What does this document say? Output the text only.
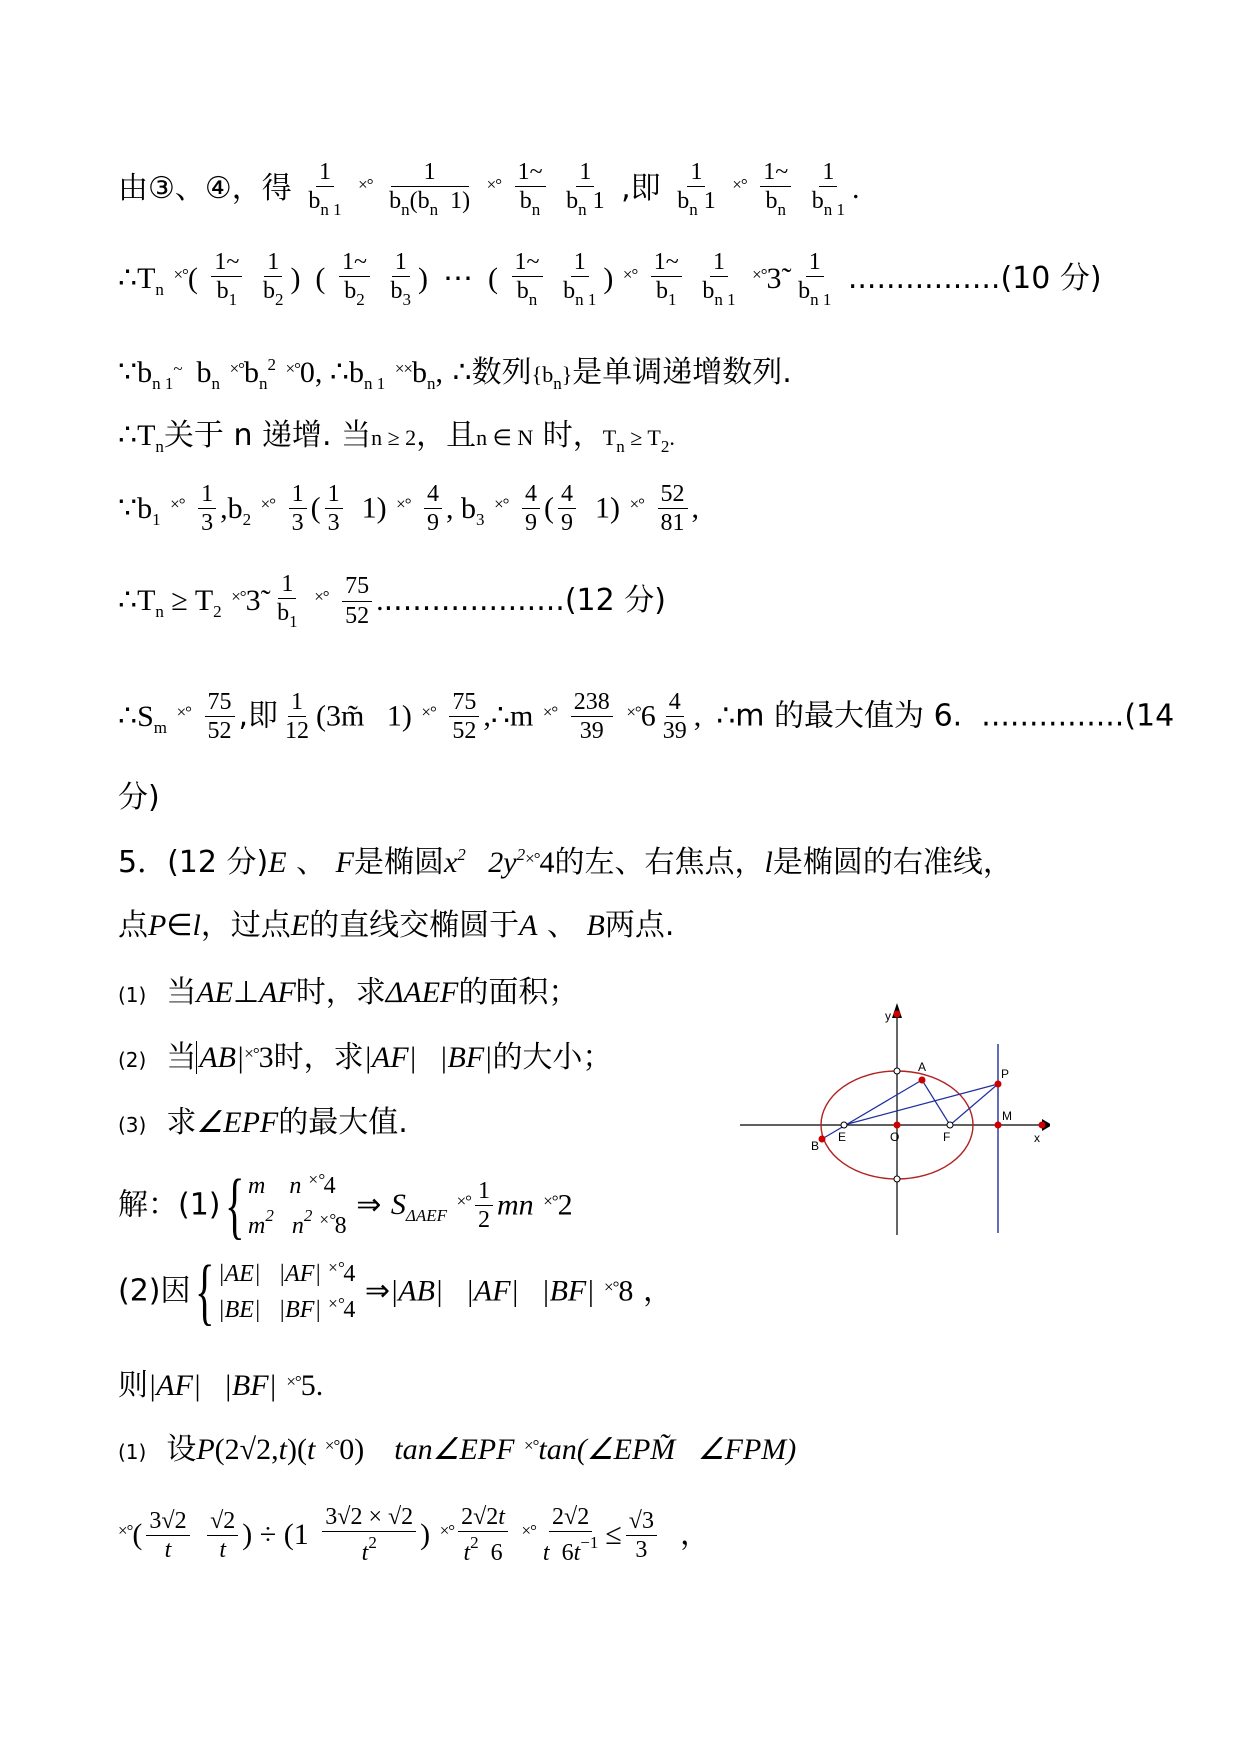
由③、④，得 $\frac{1}{b_{n 1}} ^{\times^\circ} \frac{1}{b_n(b_n 1)} ^{\times^\circ} \frac{1\sim}{b_n}$
$\frac{1}{b_n 1}$ ,即 $\frac{1}{b_n 1} ^{\times^\circ} \frac{1\sim}{b_n}$
$\frac{1}{b_{n 1}}$ .
$\therefore T_n$ $^{\times^\circ}( \frac{1\sim}{b_1}$
$\frac{1}{b_2}$ )  ( $\frac{1\sim}{b_2}$
$\frac{1}{b_3}$ )  ⋯  ( $\frac{1\sim}{b_n}$
$\frac{1}{b_{n 1}}$ ) $^{\times^\circ} \frac{1\sim}{b_1}$
$\frac{1}{b_{n 1}}$ ×°3̃ $\frac{1}{b_{n 1}} ................(10$ 分)
$\because b_{n 1}^\sim$  $b_n$ $^{\times^\circ}b_n^2$ ×°0, $\therefore b_{n 1}$ $^{\times\times}b_n$, ∴数列$\{b_n\}$是单调递增数列.
$\therefore T_n$关于 n 递增. 当n ≥ 2，且n ∈ N 时，$T_n \ge T_2$.
$\because b_1$ $^{\times^\circ} \frac{1}{3} ,b_2$ $^{\times^\circ} \frac{1}{3}$ ( $\frac{1}{3} 1$) $^{\times^\circ} \frac{4}{9}$ , $b_3$ $^{\times^\circ} \frac{4}{9}$ ( $\frac{4}{9} 1$) $^{\times^\circ} \frac{52}{81}$ ,
$\therefore T_n \ge T_2$ ×°3̃ $\frac{1}{b_1} ^{\times^\circ} \frac{75}{52} ....................(12$ 分)
$\therefore S_m$ $^{\times^\circ} \frac{75}{52}$ ,即 $\frac{1}{12}$ (3m̃   1) $^{\times^\circ} \frac{75}{52}$ ,∴m $^{\times^\circ} \frac{238}{39} ^{\times^\circ}6 \frac{4}{39}$ ,  ∴m 的最大值为 6. ...............(14
分)
5．(12 分)E 、 F是椭圆$x^2$   $2y^{2\times^\circ}4$的左、右焦点，l是椭圆的右准线，
点P∈l，过点E的直线交椭圆于A 、 B两点.
(1) 当AE⊥AF时，求ΔAEF的面积；
(2) 当 AB|×°3时，求|AF|   |BF|的大小；
(3) 求∠EPF的最大值.
解：(1){ m    n ×°4
$m^2$   $n^2$ ×°8
⇒ $S_{\Delta AEF}$ $^{\times^\circ} \frac{1}{2}$ mn ×°2
(2)因{ |AE|   |AF| ×°4
|BE|   |BF| ×°4
⇒|AB|   |AF|   |BF| ×°8 ，
则|AF|   |BF| ×°5.
(1) 设P(2√2,t)(t ×°0)    tan∠EPF ×°tan(∠EPM̃   ∠FPM)
$^{\times^\circ}( \frac{3√2}{t}$
$\frac{√2}{t}$ ) ÷ ($1 \frac{3√2 \times √2}{t^2}$ ) $^{\times^\circ} \frac{2√2t}{t^2 6} ^{\times^\circ} \frac{2√2}{t 6t^{-1}} \le \frac{√3}{3}$ ，
y
x
A
B
E	O	F
P
M
